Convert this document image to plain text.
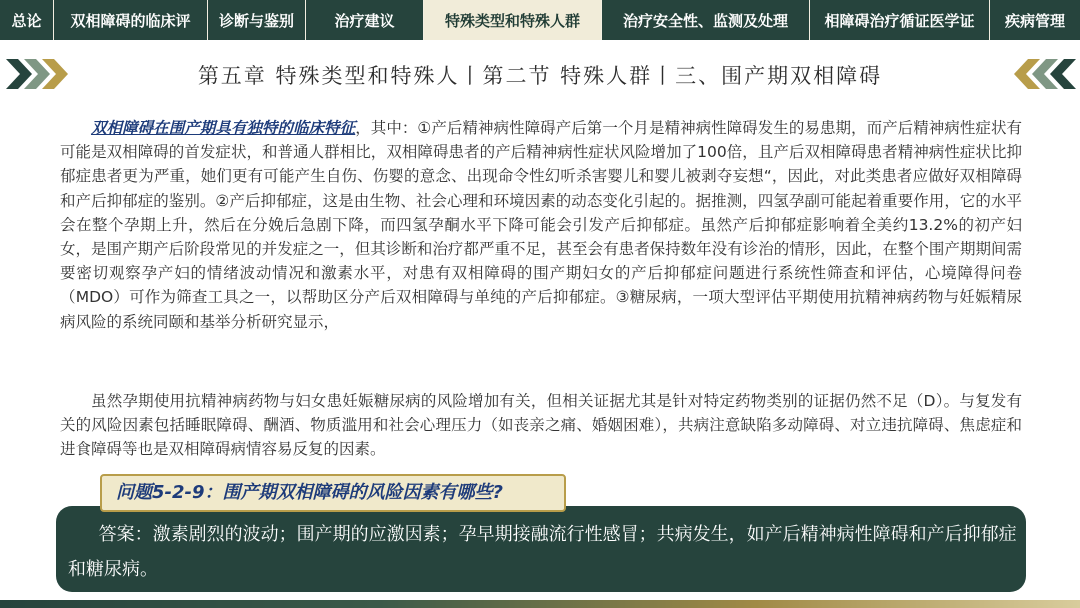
总论	双相障碍的临床评	诊断与鉴别	治疗建议	特殊类型和特殊人群	治疗安全性、监测及处理	相障碍治疗循证医学证	疾病管理
第五章 特殊类型和特殊人丨第二节 特殊人群丨三、围产期双相障碍

双相障碍在围产期具有独特的临床特征，其中：①产后精神病性障碍产后第一个月是精神病性障碍发生的易患期，而产后精神病性症状有可能是双相障碍的首发症状，和普通人群相比，双相障碍患者的产后精神病性症状风险增加了100倍，且产后双相障碍患者精神病性症状比抑郁症患者更为严重，她们更有可能产生自伤、伤婴的意念、出现命令性幻听杀害婴儿和婴儿被剥夺妄想“，因此，对此类患者应做好双相障碍和产后抑郁症的鉴别。②产后抑郁症，这是由生物、社会心理和环境因素的动态变化引起的。据推测，四氢孕副可能起着重要作用，它的水平会在整个孕期上升，然后在分娩后急剧下降，而四氢孕酮水平下降可能会引发产后抑郁症。虽然产后抑郁症影响着全美约13.2%的初产妇女，是围产期产后阶段常见的并发症之一，但其诊断和治疗都严重不足，甚至会有患者保持数年没有诊治的情形，因此，在整个围产期期间需要密切观察孕产妇的情绪波动情况和激素水平，对患有双相障碍的围产期妇女的产后抑郁症问题进行系统性筛查和评估，心境障得问卷（MDO）可作为筛查工具之一，以帮助区分产后双相障碍与单纯的产后抑郁症。③糖尿病，一项大型评估平期使用抗精神病药物与妊娠精尿病风险的系统同颐和基举分析研究显示，

虽然孕期使用抗精神病药物与妇女患妊娠糖尿病的风险增加有关，但相关证据尤其是针对特定药物类别的证据仍然不足（D）。与复发有关的风险因素包括睡眠障碍、酬酒、物质滥用和社会心理压力（如丧亲之痛、婚姻困难），共病注意缺陷多动障碍、对立违抗障碍、焦虑症和进食障碍等也是双相障碍病情容易反复的因素。

答案：激素剧烈的波动；围产期的应激因素；孕早期接融流行性感冒；共病发生，如产后精神病性障碍和产后抑郁症和糖尿病。

问题5-2-9：围产期双相障碍的风险因素有哪些?
